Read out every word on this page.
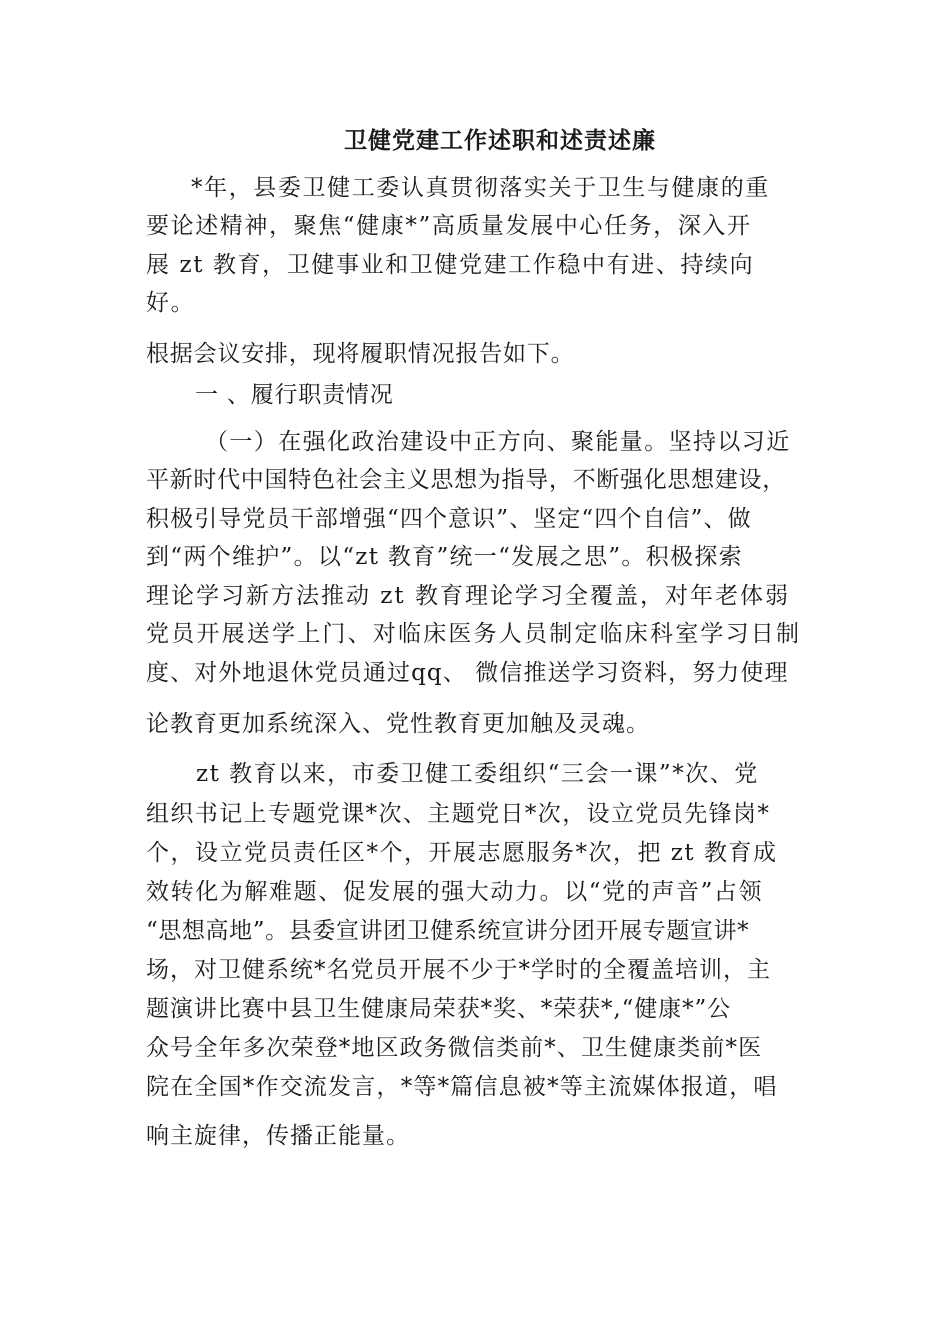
卫健党建工作述职和述责述廉

*年，县委卫健工委认真贯彻落实关于卫生与健康的重

要论述精神，聚焦“健康*”高质量发展中心任务，深入开

展 zt 教育，卫健事业和卫健党建工作稳中有进、持续向

好。

根据会议安排，现将履职情况报告如下。

一 、履行职责情况

（一）在强化政治建设中正方向、聚能量。坚持以习近

平新时代中国特色社会主义思想为指导，不断强化思想建设，

积极引导党员干部增强“四个意识”、坚定“四个自信”、做

到“两个维护”。以“zt 教育”统一“发展之思”。积极探索

理论学习新方法推动 zt 教育理论学习全覆盖，对年老体弱

党员开展送学上门、对临床医务人员制定临床科室学习日制

度、对外地退休党员通过qq、 微信推送学习资料，努力使理

论教育更加系统深入、党性教育更加触及灵魂。

zt 教育以来，市委卫健工委组织“三会一课”*次、党

组织书记上专题党课*次、主题党日*次，设立党员先锋岗*

个，设立党员责任区*个，开展志愿服务*次，把 zt 教育成

效转化为解难题、促发展的强大动力。以“党的声音”占领

“思想高地”。县委宣讲团卫健系统宣讲分团开展专题宣讲*

场，对卫健系统*名党员开展不少于*学时的全覆盖培训，主

题演讲比赛中县卫生健康局荣获*奖、*荣获*,“健康*”公

众号全年多次荣登*地区政务微信类前*、卫生健康类前*医

院在全国*作交流发言，*等*篇信息被*等主流媒体报道，唱

响主旋律，传播正能量。
